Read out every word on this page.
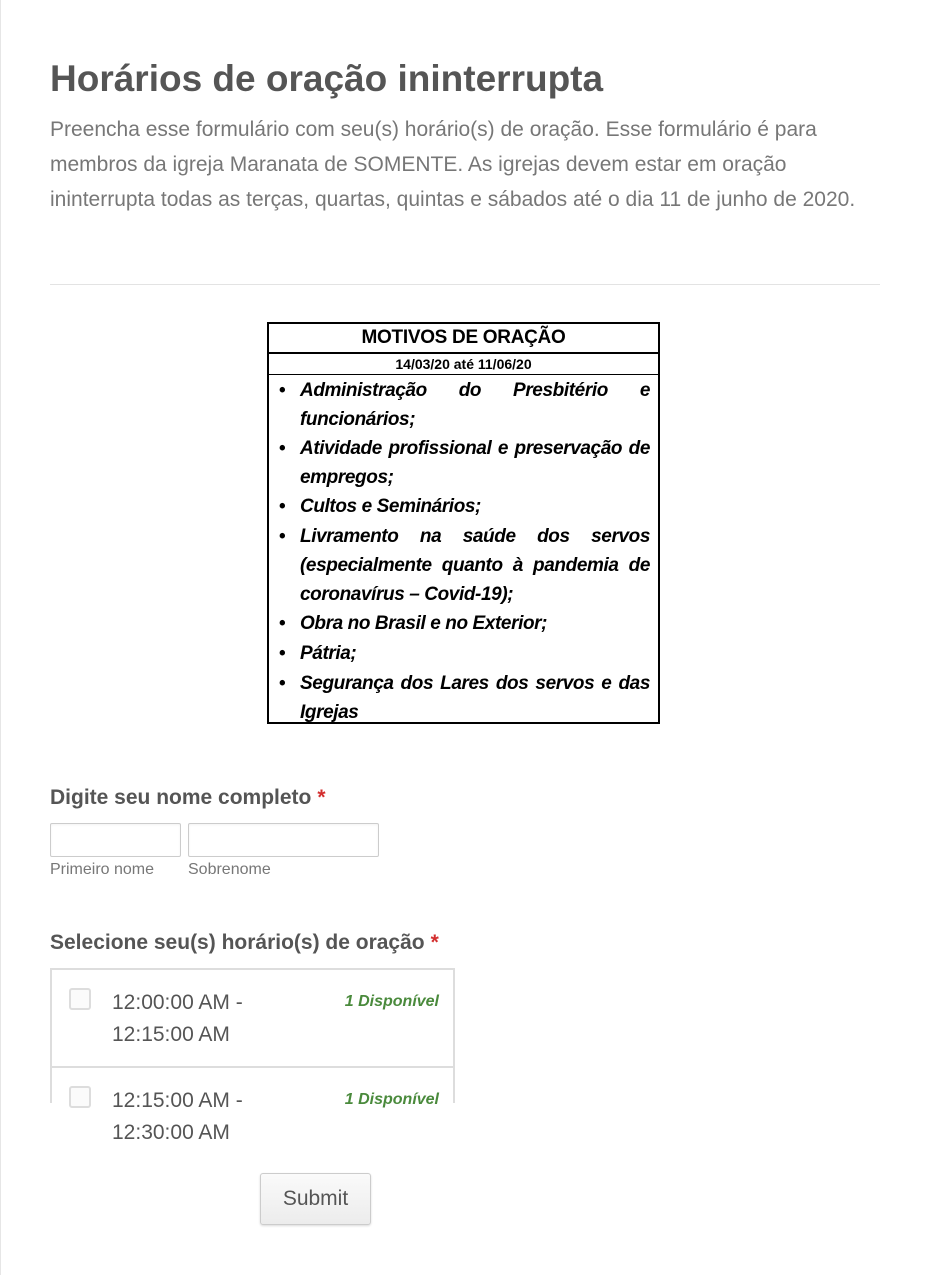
Horários de oração ininterrupta

Preencha esse formulário com seu(s) horário(s) de oração. Esse formulário é para membros da igreja Maranata de SOMENTE. As igrejas devem estar em oração ininterrupta todas as terças, quartas, quintas e sábados até o dia 11 de junho de 2020.

MOTIVOS DE ORAÇÃO
14/03/20 até 11/06/20
• Administração do Presbitério e funcionários;
• Atividade profissional e preservação de empregos;
• Cultos e Seminários;
• Livramento na saúde dos servos (especialmente quanto à pandemia de coronavírus – Covid-19);
• Obra no Brasil e no Exterior;
• Pátria;
• Segurança dos Lares dos servos e das Igrejas
Digite seu nome completo *
Primeiro nome Sobrenome
Selecione seu(s) horário(s) de oração *
12:00:00 AM - 12:15:00 AM
1 Disponível
12:15:00 AM - 12:30:00 AM
1 Disponível
Submit
